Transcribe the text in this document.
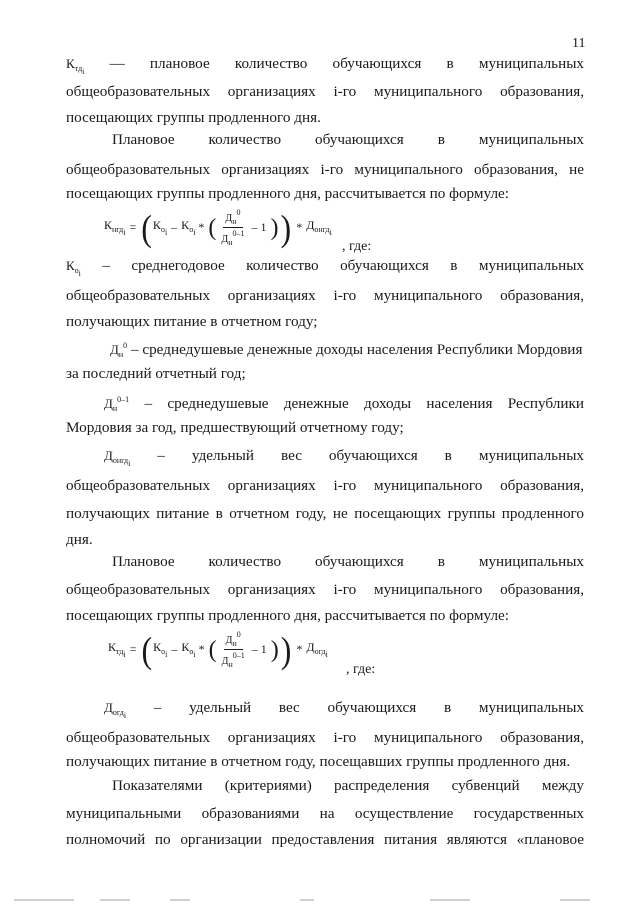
11
$К_{тд_i}$ — плановое количество обучающихся в муниципальных
общеобразовательных организациях i-го муниципального образования,
посещающих группы продленного дня.
Плановое количество обучающихся в муниципальных
общеобразовательных организациях i-го муниципального образования, не
посещающих группы продленного дня, рассчитывается по формуле:
$К_{нгд_i}$ = ( $К_{o_i} - К_{o_i}$ * ( $\frac{Д_н^0}{Д_н^{0-1}} - 1$ ) ) * $Д_{онгд_i}$
, где:
$К_{o_i}$ – среднегодовое количество обучающихся в муниципальных
общеобразовательных организациях i-го муниципального образования,
получающих питание в отчетном году;
$Д_н^0$ – среднедушевые денежные доходы населения Республики Мордовия
за последний отчетный год;
$Д_н^{0-1}$ – среднедушевые денежные доходы населения Республики
Мордовия за год, предшествующий отчетному году;
$Д_{онгд_i}$ – удельный вес обучающихся в муниципальных
общеобразовательных организациях i-го муниципального образования,
получающих питание в отчетном году, не посещающих группы продленного
дня.
Плановое количество обучающихся в муниципальных
общеобразовательных организациях i-го муниципального образования,
посещающих группы продленного дня, рассчитывается по формуле:
$К_{тд_i}$ = ( $К_{o_i} - К_{o_i}$ * ( $\frac{Д_н^0}{Д_н^{0-1}} - 1$ ) ) * $Д_{огд_i}$
, где:
$Д_{огд_i}$ – удельный вес обучающихся в муниципальных
общеобразовательных организациях i-го муниципального образования,
получающих питание в отчетном году, посещавших группы продленного дня.
Показателями (критериями) распределения субвенций между
муниципальными образованиями на осуществление государственных
полномочий по организации предоставления питания являются «плановое
